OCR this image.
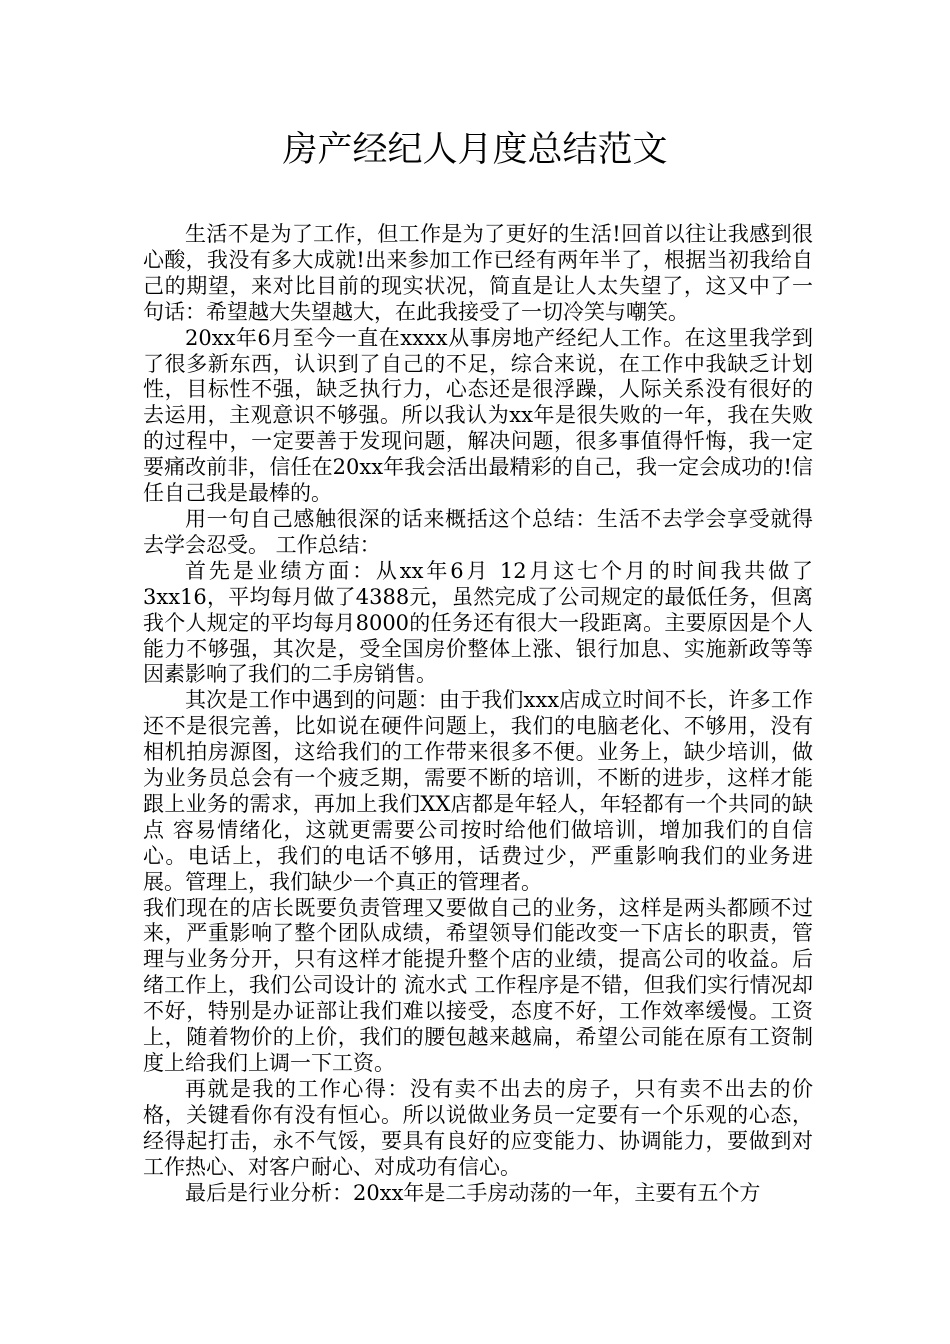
房产经纪人月度总结范文

生活不是为了工作，但工作是为了更好的生活!回首以往让我感到很心酸，我没有多大成就!出来参加工作已经有两年半了，根据当初我给自己的期望，来对比目前的现实状况，简直是让人太失望了，这又中了一句话：希望越大失望越大，在此我接受了一切冷笑与嘲笑。

20xx年6月至今一直在xxxx从事房地产经纪人工作。在这里我学到了很多新东西，认识到了自己的不足，综合来说，在工作中我缺乏计划性，目标性不强，缺乏执行力，心态还是很浮躁，人际关系没有很好的去运用，主观意识不够强。所以我认为xx年是很失败的一年，我在失败的过程中，一定要善于发现问题，解决问题，很多事值得忏悔，我一定要痛改前非，信任在20xx年我会活出最精彩的自己，我一定会成功的!信任自己我是最棒的。

用一句自己感触很深的话来概括这个总结：生活不去学会享受就得去学会忍受。 工作总结：

首先是业绩方面：从xx年6月 12月这七个月的时间我共做了3xx16，平均每月做了4388元，虽然完成了公司规定的最低任务，但离我个人规定的平均每月8000的任务还有很大一段距离。主要原因是个人能力不够强，其次是，受全国房价整体上涨、银行加息、实施新政等等因素影响了我们的二手房销售。

其次是工作中遇到的问题：由于我们xxx店成立时间不长，许多工作还不是很完善，比如说在硬件问题上，我们的电脑老化、不够用，没有相机拍房源图，这给我们的工作带来很多不便。业务上，缺少培训，做为业务员总会有一个疲乏期，需要不断的培训，不断的进步，这样才能跟上业务的需求，再加上我们XX店都是年轻人，年轻都有一个共同的缺点 容易情绪化，这就更需要公司按时给他们做培训，增加我们的自信心。电话上，我们的电话不够用，话费过少，严重影响我们的业务进展。管理上，我们缺少一个真正的管理者。

我们现在的店长既要负责管理又要做自己的业务，这样是两头都顾不过来，严重影响了整个团队成绩，希望领导们能改变一下店长的职责，管理与业务分开，只有这样才能提升整个店的业绩，提高公司的收益。后绪工作上，我们公司设计的 流水式 工作程序是不错，但我们实行情况却不好，特别是办证部让我们难以接受，态度不好，工作效率缓慢。工资上，随着物价的上价，我们的腰包越来越扁，希望公司能在原有工资制度上给我们上调一下工资。

再就是我的工作心得：没有卖不出去的房子，只有卖不出去的价格，关键看你有没有恒心。所以说做业务员一定要有一个乐观的心态，经得起打击，永不气馁，要具有良好的应变能力、协调能力，要做到对工作热心、对客户耐心、对成功有信心。

最后是行业分析：20xx年是二手房动荡的一年，主要有五个方
